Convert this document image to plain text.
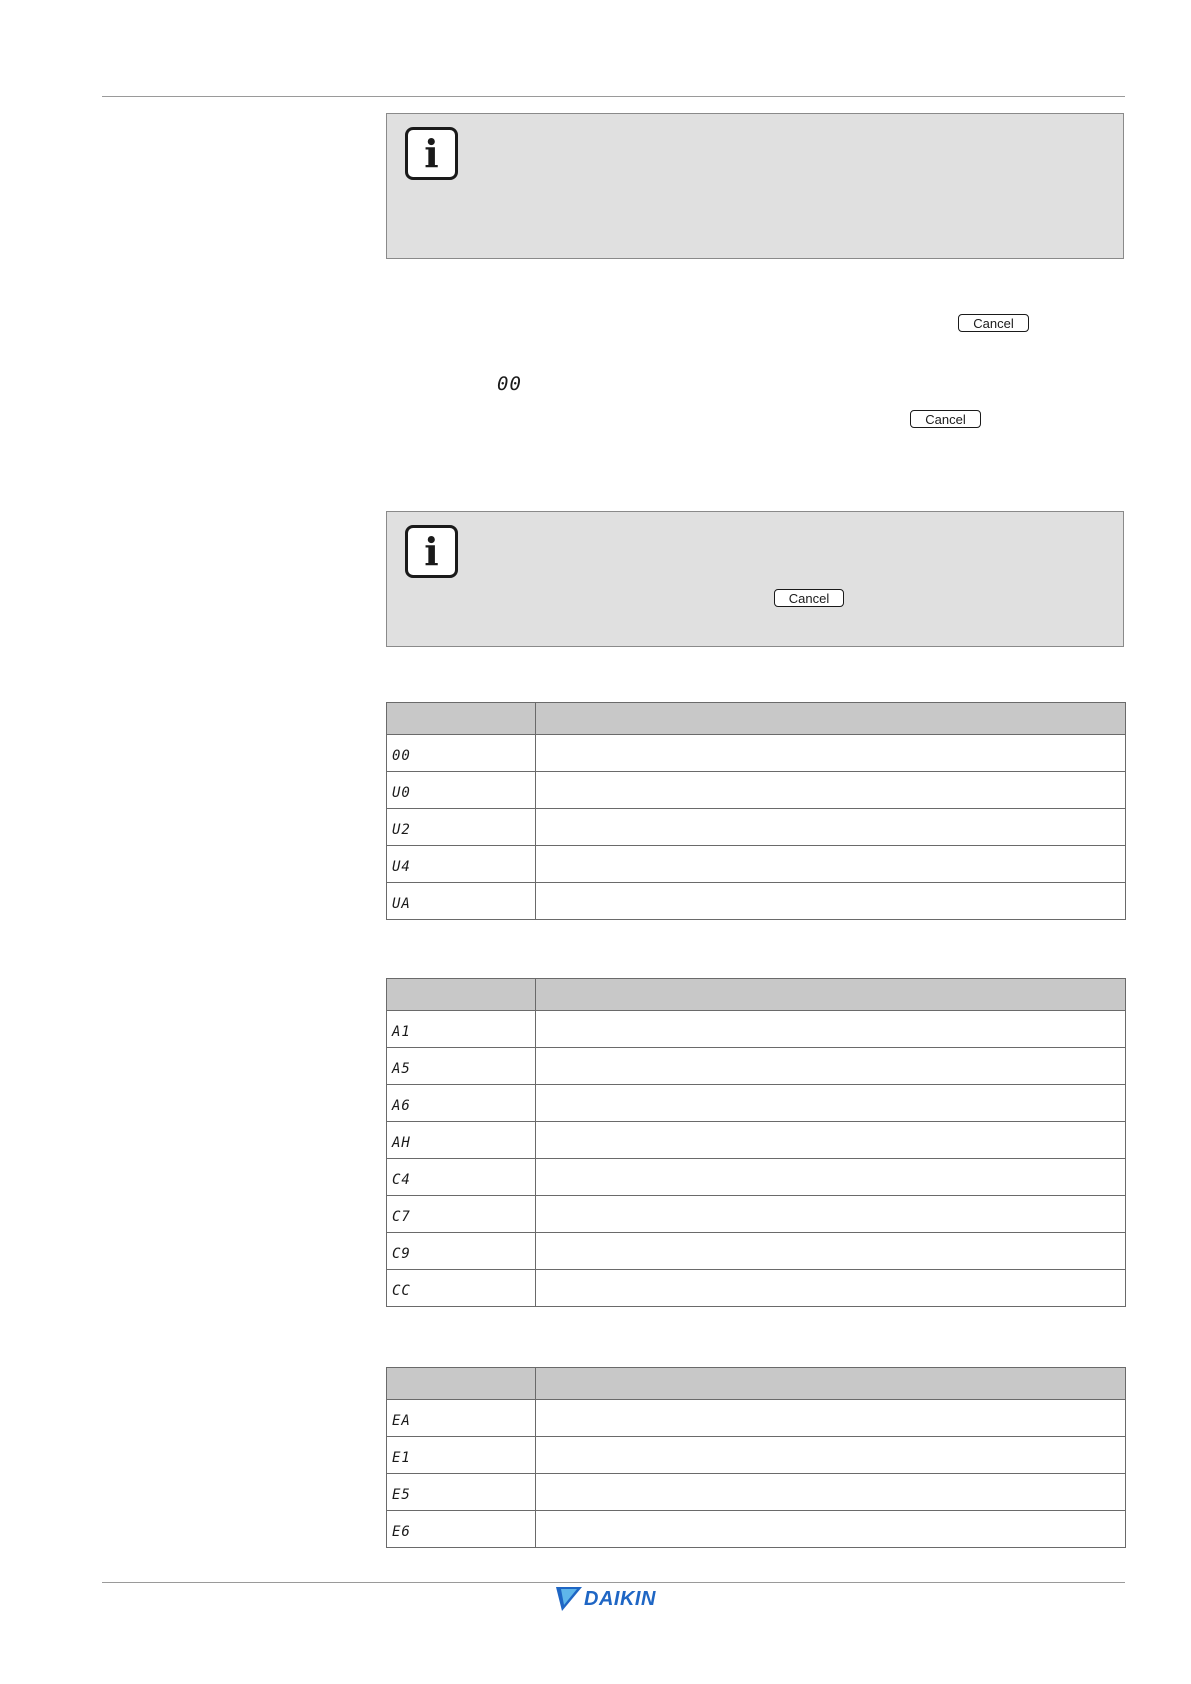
i
Cancel
00
Cancel
i
Cancel

00	
U0	
U2	
U4	
UA	

A1	
A5	
A6	
AH	
C4	
C7	
C9	
CC	

EA	
E1	
E5	
E6	
DAIKIN
